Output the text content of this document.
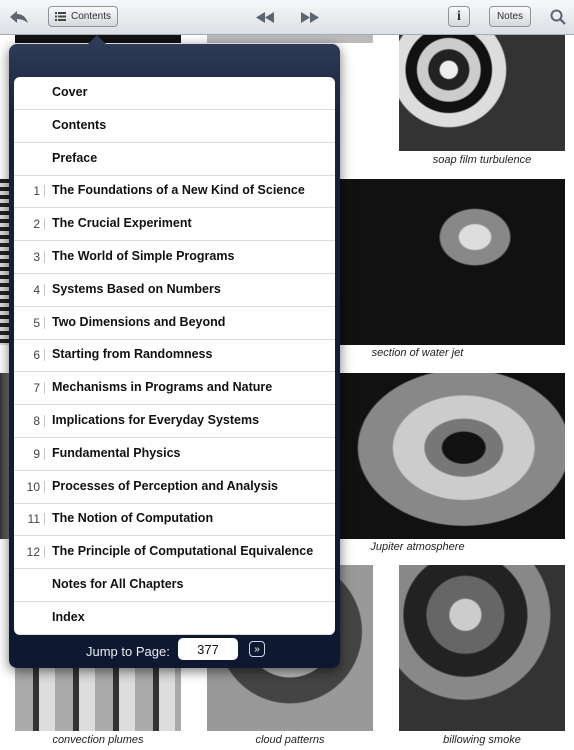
soap film turbulence
section of water jet
Jupiter atmosphere
convection plumes	cloud patterns	billowing smoke
Contents	i	Notes
Cover
Contents
Preface
1 The Foundations of a New Kind of Science
2 The Crucial Experiment
3 The World of Simple Programs
4 Systems Based on Numbers
5 Two Dimensions and Beyond
6 Starting from Randomness
7 Mechanisms in Programs and Nature
8 Implications for Everyday Systems
9 Fundamental Physics
10 Processes of Perception and Analysis
11 The Notion of Computation
12 The Principle of Computational Equivalence
Notes for All Chapters
Index
Jump to Page:
377	»
